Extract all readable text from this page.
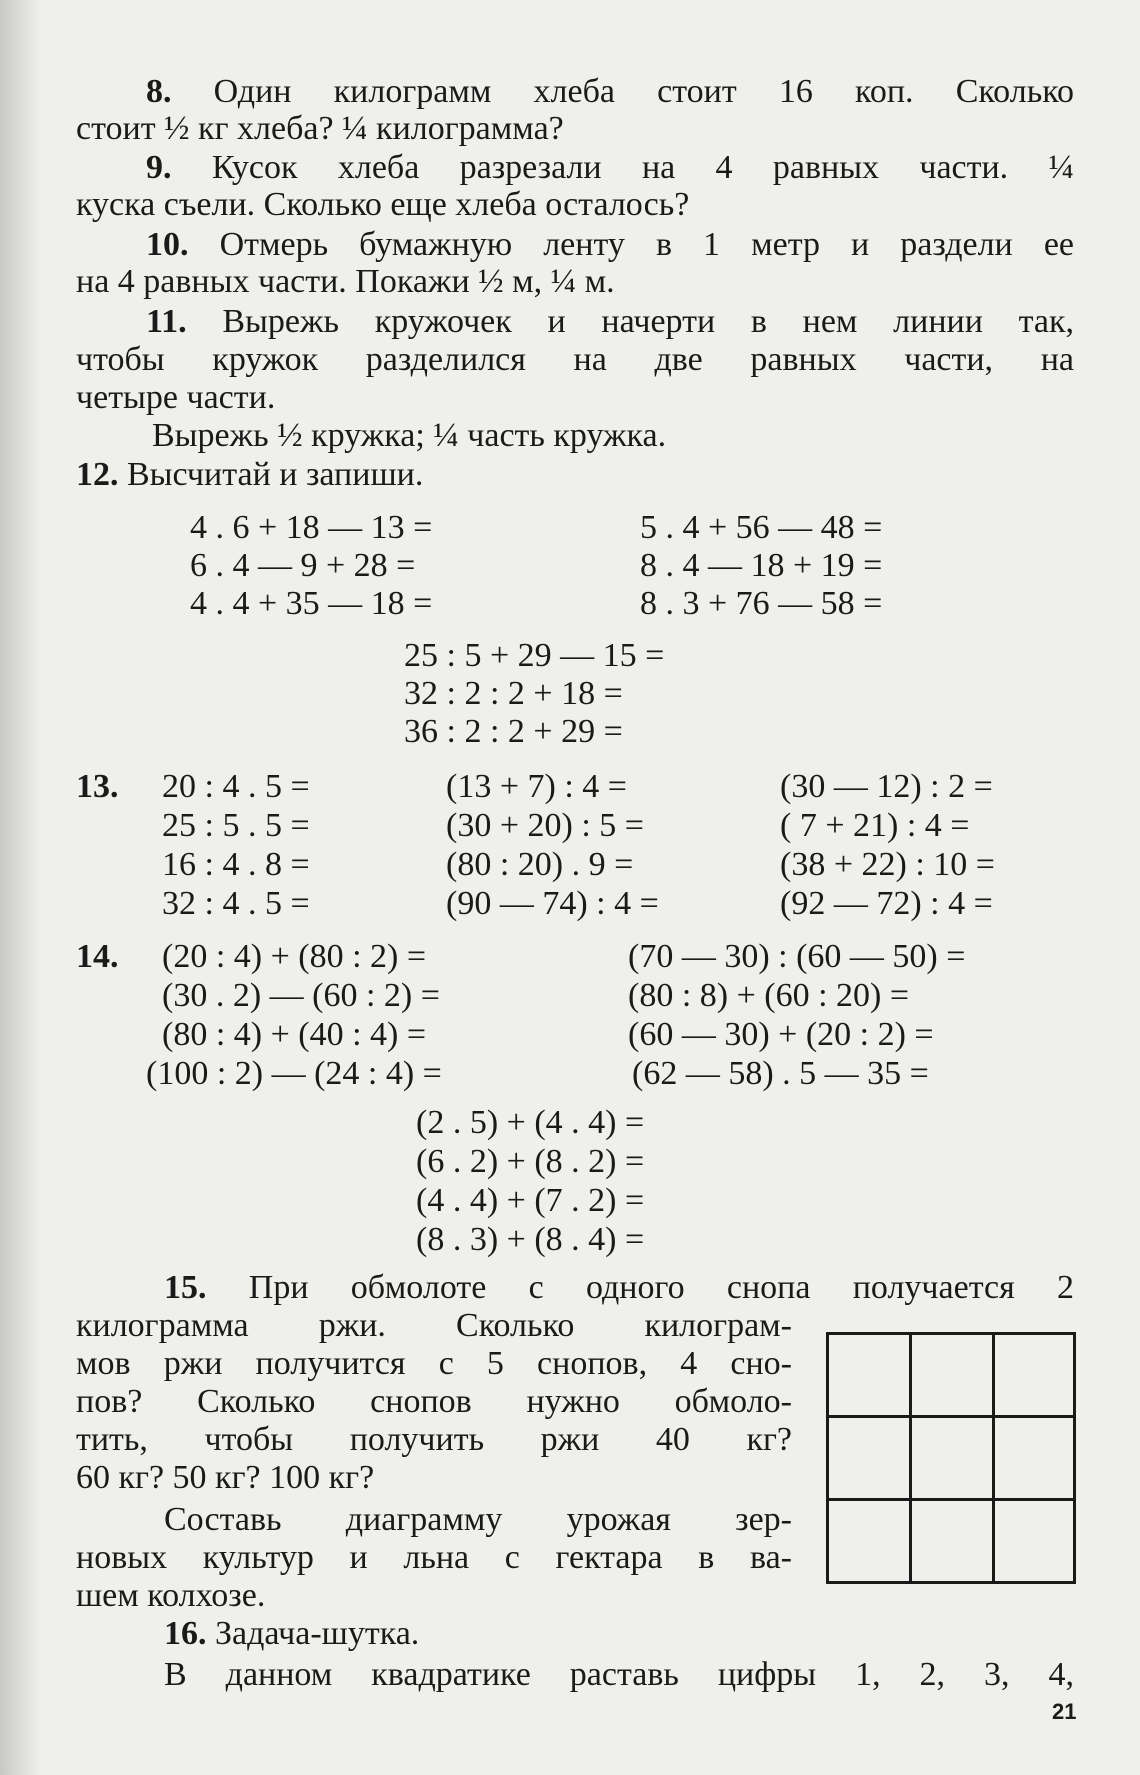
8. Один килограмм хлеба стоит 16 коп. Сколько
стоит ½ кг хлеба? ¼ килограмма?
9. Кусок хлеба разрезали на 4 равных части. ¼
куска съели. Сколько еще хлеба осталось?
10. Отмерь бумажную ленту в 1 метр и раздели ее
на 4 равных части. Покажи ½ м, ¼ м.
11. Вырежь кружочек и начерти в нем линии так,
чтобы кружок разделился на две равных части, на
четыре части.
Вырежь ½ кружка; ¼ часть кружка.
12. Высчитай и запиши.
4 . 6 + 18 — 13 =
6 . 4 — 9 + 28 =
4 . 4 + 35 — 18 =
5 . 4 + 56 — 48 =
8 . 4 — 18 + 19 =
8 . 3 + 76 — 58 =
25 : 5 + 29 — 15 =
32 : 2 : 2 + 18 =
36 : 2 : 2 + 29 =
13. 20 : 4 . 5 =
25 : 5 . 5 =
16 : 4 . 8 =
32 : 4 . 5 =
(13 + 7) : 4 =
(30 + 20) : 5 =
(80 : 20) . 9 =
(90 — 74) : 4 =
(30 — 12) : 2 =
( 7 + 21) : 4 =
(38 + 22) : 10 =
(92 — 72) : 4 =
14. (20 : 4) + (80 : 2) =
(30 . 2) — (60 : 2) =
(80 : 4) + (40 : 4) =
(100 : 2) — (24 : 4) =
(70 — 30) : (60 — 50) =
(80 : 8) + (60 : 20) =
(60 — 30) + (20 : 2) =
(62 — 58) . 5 — 35 =
(2 . 5) + (4 . 4) =
(6 . 2) + (8 . 2) =
(4 . 4) + (7 . 2) =
(8 . 3) + (8 . 4) =
15. При обмолоте с одного снопа получается 2
килограмма ржи. Сколько килограм-
мов ржи получится с 5 снопов, 4 сно-
пов? Сколько снопов нужно обмоло-
тить, чтобы получить ржи 40 кг?
60 кг? 50 кг? 100 кг?
Составь диаграмму урожая зер-
новых культур и льна с гектара в ва-
шем колхозе.
16. Задача-шутка.
В данном квадратике раставь цифры 1, 2, 3, 4,
21
